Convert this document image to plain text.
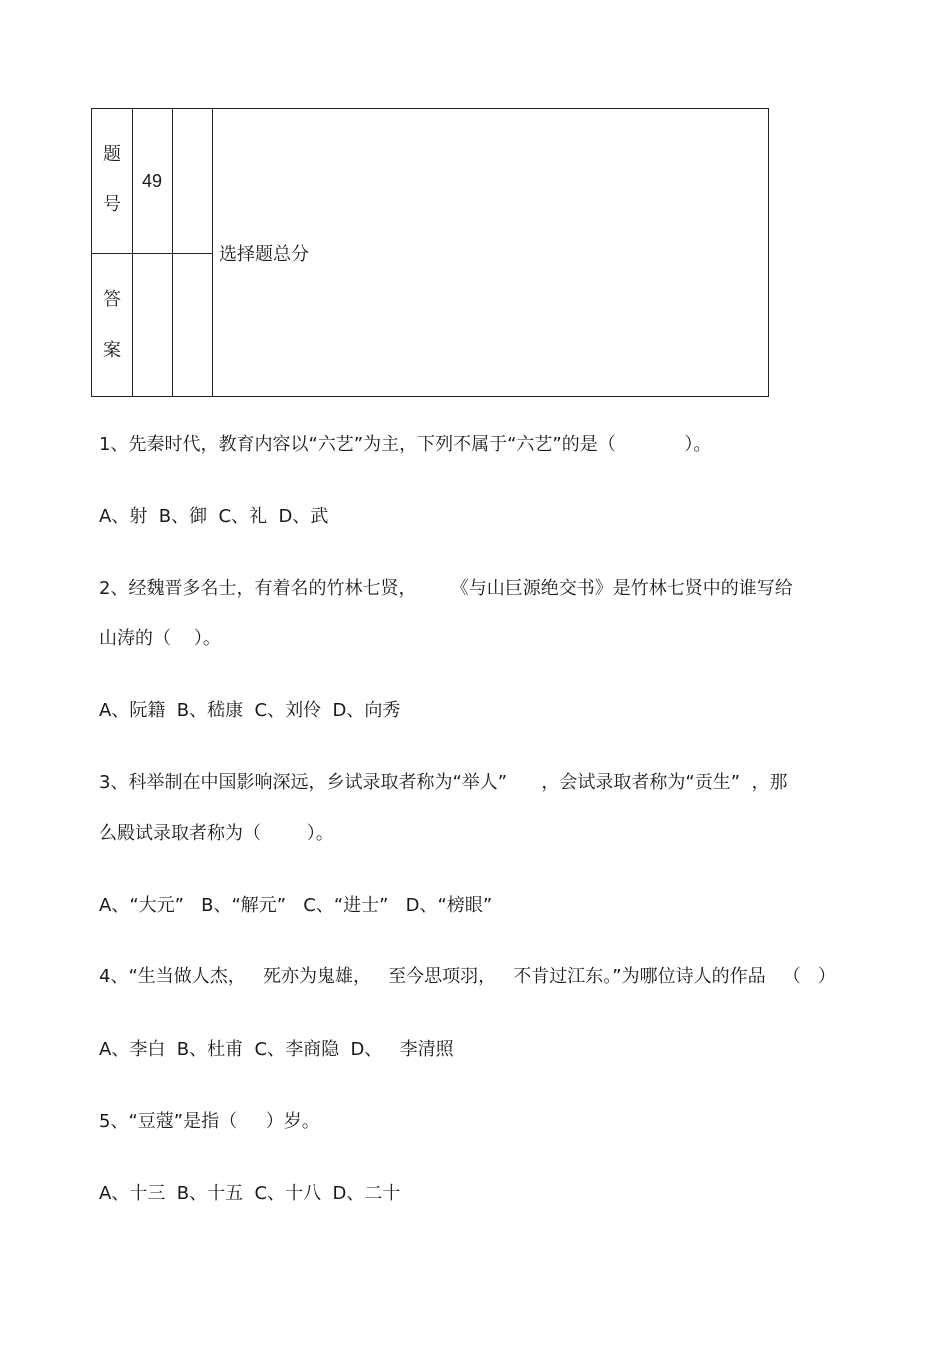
题
号
答
案
49
选择题总分
1、先秦时代，教育内容以“六艺”为主，下列不属于“六艺”的是（            ）。
A、射  B、御  C、礼  D、武
2、经魏晋多名士，有着名的竹林七贤，      《与山巨源绝交书》是竹林七贤中的谁写给
山涛的（    ）。
A、阮籍  B、嵇康  C、刘伶  D、向秀
3、科举制在中国影响深远，乡试录取者称为“举人”      ，会试录取者称为“贡生”  ，那
么殿试录取者称为（        ）。
A、“大元”   B、“解元”   C、“进士”   D、“榜眼”
4、“生当做人杰，   死亦为鬼雄，   至今思项羽，   不肯过江东。”为哪位诗人的作品   （   ）
A、李白  B、杜甫  C、李商隐  D、   李清照
5、“豆蔻”是指（     ）岁。
A、十三  B、十五  C、十八  D、二十
